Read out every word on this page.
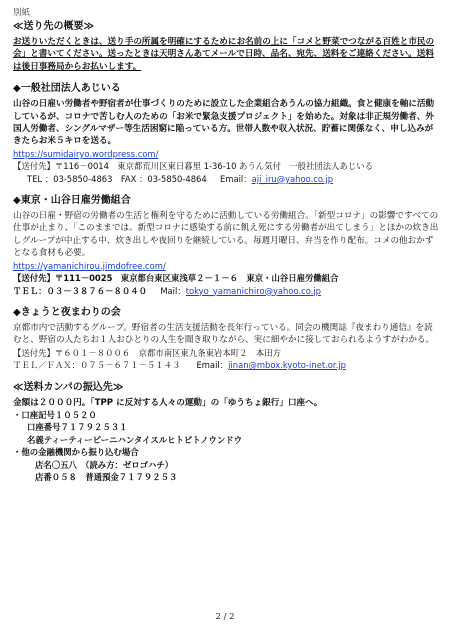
別紙
≪送り先の概要≫

お送りいただくときは、送り手の所属を明確にするためにお名前の上に「コメと野菜でつながる百姓と市民の会」と書いてください。送ったときは天明さんあてメールで日時、品名、宛先、送料をご連絡ください。送料は後日事務局からお払いします。

◆一般社団法人あじいる

山谷の日雇い労働者や野宿者が仕事づくりのために設立した企業組合あうんの協力組織。食と健康を軸に活動しているが、コロナで苦しむ人のための「お米で緊急支援プロジェクト」を始めた。対象は非正規労働者、外国人労働者、シングルマザー等生活困窮に陥っている方。世帯人数や収入状況、貯蓄に関係なく、申し込みがきたらお米５キロを送る。

https://sumidairyo.wordpress.com/
【送付先】〒116－0014　東京都荒川区東日暮里 1-36-10 あうん気付　一般社団法人あじいる
TEL ：03-5850-4863　FAX ：03-5850-4864 Email：aji_iru@yahoo.co.jp
◆東京・山谷日雇労働組合

山谷の日雇・野宿の労働者の生活と権利を守るために活動している労働組合。「新型コロナ」の影響ですべての仕事が止まり、「このままでは、新型コロナに感染する前に飢え死にする労働者が出てしまう」とほかの炊き出しグループが中止する中、炊き出しや夜回りを継続している。毎週月曜日、弁当を作り配布。コメの他おかずとなる食材も必要。

https://yamanichirou.jimdofree.com/
【送付先】〒111－0025　東京都台東区東浅草２－１－６　東京・山谷日雇労働組合
ＴＥＬ：０３－３８７６－８０４０ Mail：tokyo_yamanichiro@yahoo.co.jp
◆きょうと夜まわりの会

京都市内で活動するグループ。野宿者の生活支援活動を長年行っている。同会の機関誌『夜まわり通信』を読むと、野宿の人たちお１人おひとりの人生を聞き取りながら、実に細やかに接しておられるようすがわかる。

【送付先】〒６０１－８００６　京都市南区東九条東岩本町２　本田方
ＴＥＬ／ＦＡＸ：０７５－６７１－５１４３ Email：jinan@mbox.kyoto-inet.or.jp
≪送料カンパの振込先≫

金額は２０００円。「TPP に反対する人々の運動」の「ゆうちょ銀行」口座へ。

・口座記号１０５２０
口座番号７１７９２５３１
名義ティーティーピーニハンタイスルヒトビトノウンドウ
・他の金融機関から振り込む場合
店名〇五八　（読み方：ゼロゴハチ）
店番０５８　普通預金７１７９２５３
2 / 2
